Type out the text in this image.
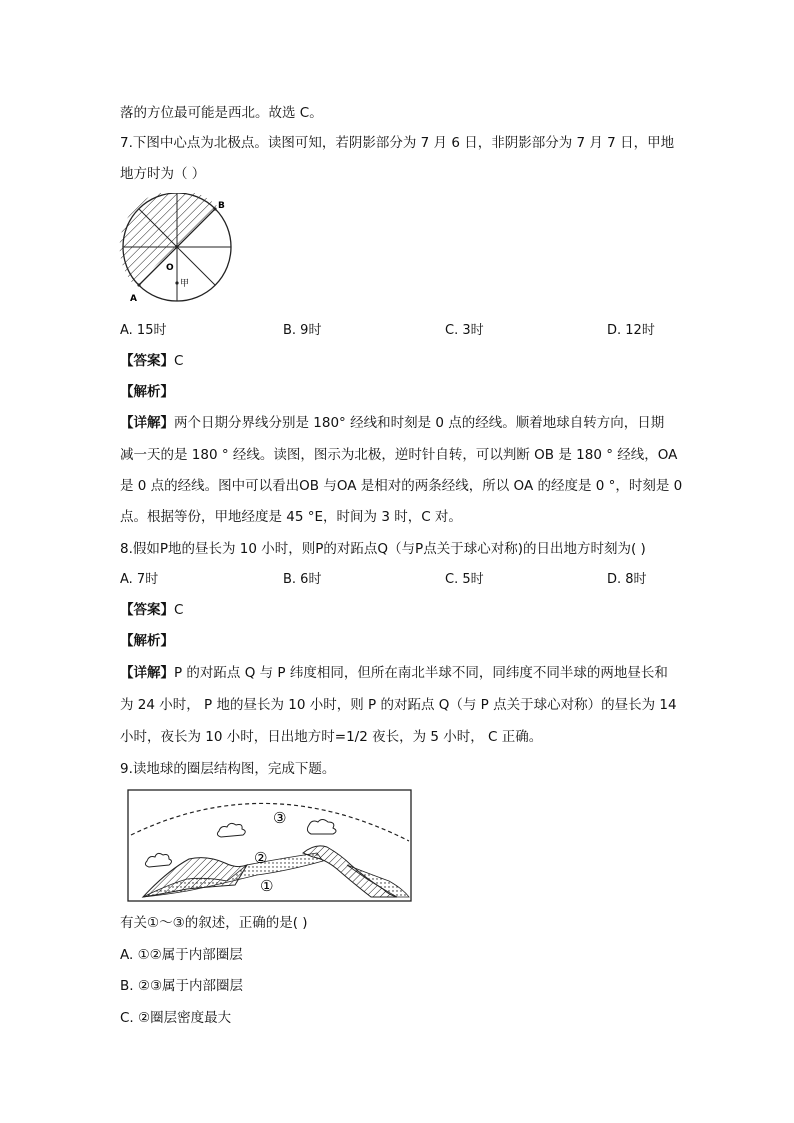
落的方位最可能是西北。故选 C。
7.下图中心点为北极点。读图可知，若阴影部分为 7 月 6 日，非阴影部分为 7 月 7 日，甲地
地方时为（ ）
B
O
A
甲
A. 15时	B. 9时	C. 3时	D. 12时
【答案】C
【解析】
【详解】两个日期分界线分别是 180° 经线和时刻是 0 点的经线。顺着地球自转方向，日期
减一天的是 180 ° 经线。读图，图示为北极，逆时针自转，可以判断 OB 是 180 ° 经线，OA
是 0 点的经线。图中可以看出OB 与OA 是相对的两条经线，所以 OA 的经度是 0 °，时刻是 0
点。根据等份，甲地经度是 45 °E，时间为 3 时，C 对。
8.假如P地的昼长为 10 小时，则P的对跖点Q（与P点关于球心对称)的日出地方时刻为( )
A. 7时	B. 6时	C. 5时	D. 8时
【答案】C
【解析】
【详解】P 的对跖点 Q 与 P 纬度相同，但所在南北半球不同，同纬度不同半球的两地昼长和
为 24 小时， P 地的昼长为 10 小时，则 P 的对跖点 Q（与 P 点关于球心对称）的昼长为 14
小时，夜长为 10 小时，日出地方时=1/2 夜长，为 5 小时， C 正确。
9.读地球的圈层结构图，完成下题。
③
②
①
有关①～③的叙述，正确的是( )
A. ①②属于内部圈层
B. ②③属于内部圈层
C. ②圈层密度最大
